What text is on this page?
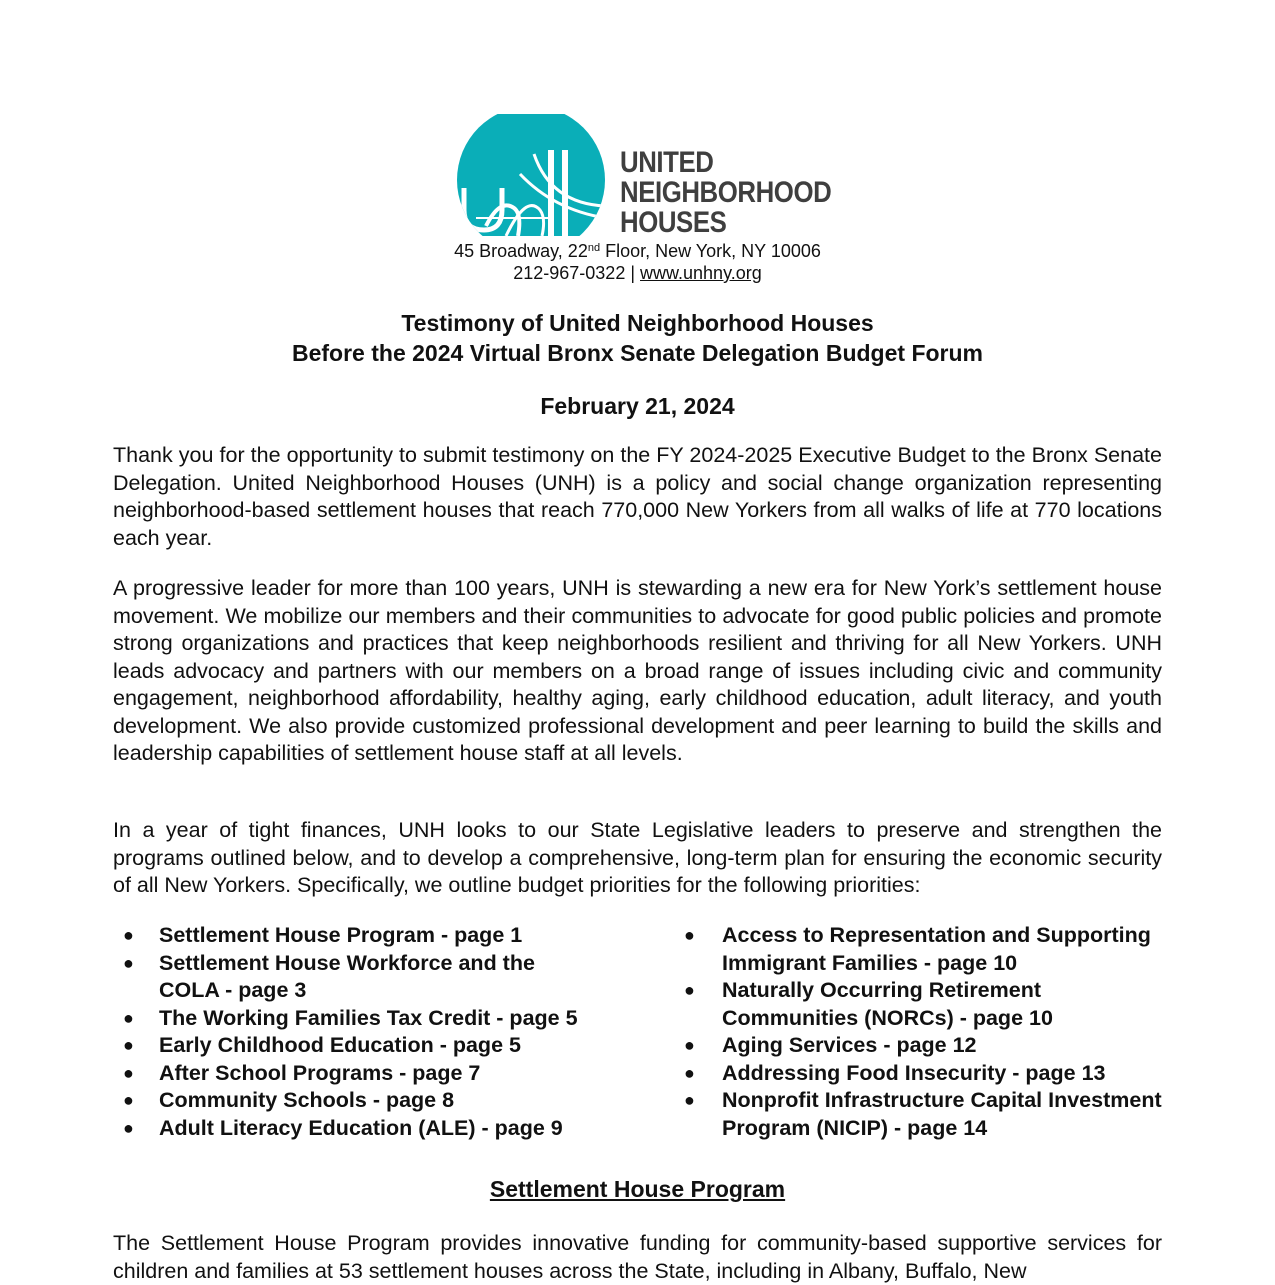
UNITED
NEIGHBORHOOD
HOUSES
45 Broadway, 22nd Floor, New York, NY 10006
212-967-0322 | www.unhny.org
Testimony of United Neighborhood Houses
Before the 2024 Virtual Bronx Senate Delegation Budget Forum
February 21, 2024

Thank you for the opportunity to submit testimony on the FY 2024-2025 Executive Budget to the Bronx Senate Delegation. United Neighborhood Houses (UNH) is a policy and social change organization representing neighborhood-based settlement houses that reach 770,000 New Yorkers from all walks of life at 770 locations each year.

A progressive leader for more than 100 years, UNH is stewarding a new era for New York’s settlement house movement. We mobilize our members and their communities to advocate for good public policies and promote strong organizations and practices that keep neighborhoods resilient and thriving for all New Yorkers. UNH leads advocacy and partners with our members on a broad range of issues including civic and community engagement, neighborhood affordability, healthy aging, early childhood education, adult literacy, and youth development. We also provide customized professional development and peer learning to build the skills and leadership capabilities of settlement house staff at all levels.

In a year of tight finances, UNH looks to our State Legislative leaders to preserve and strengthen the programs outlined below, and to develop a comprehensive, long-term plan for ensuring the economic security of all New Yorkers. Specifically, we outline budget priorities for the following priorities:

● Settlement House Program - page 1
● Settlement House Workforce and the COLA - page 3
● The Working Families Tax Credit - page 5
● Early Childhood Education - page 5
● After School Programs - page 7
● Community Schools - page 8
● Adult Literacy Education (ALE) - page 9
● Access to Representation and Supporting Immigrant Families - page 10
● Naturally Occurring Retirement Communities (NORCs) - page 10
● Aging Services - page 12
● Addressing Food Insecurity - page 13
● Nonprofit Infrastructure Capital Investment Program (NICIP) - page 14
Settlement House Program

The Settlement House Program provides innovative funding for community-based supportive services for children and families at 53 settlement houses across the State, including in Albany, Buffalo, New
